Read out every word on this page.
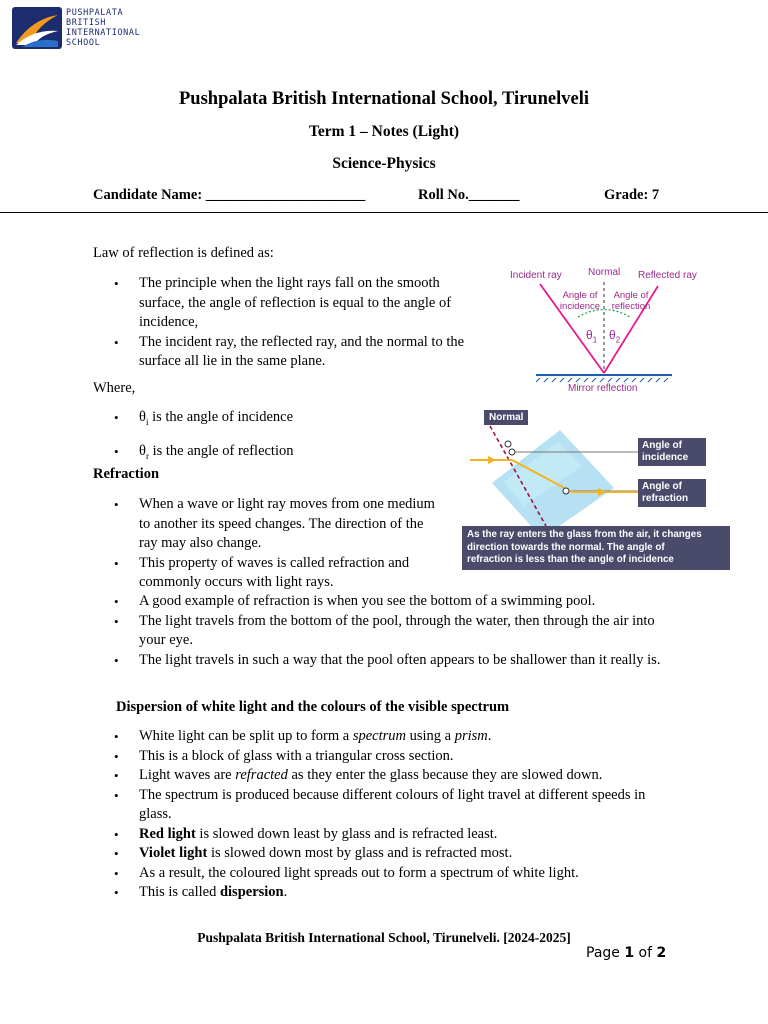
PUSHPALATA
BRITISH
INTERNATIONAL
SCHOOL
Pushpalata British International School, Tirunelveli
Term 1 – Notes (Light)
Science-Physics
Candidate Name: ______________________	Roll No._______	Grade: 7
Law of reflection is defined as:
• The principle when the light rays fall on the smooth surface, the angle of reflection is equal to the angle of incidence,
• The incident ray, the reflected ray, and the normal to the surface all lie in the same plane.
Where,
• $\theta_i$ is the angle of incidence
• $\theta_r$ is the angle of reflection
Incident ray	Normal Reflected ray
Angle of
incidence
Angle of
reflection
$\theta_1$ $\theta_2$
Mirror reflection
Normal
Angle of
incidence
Angle of
refraction
As the ray enters the glass from the air, it changes
direction towards the normal. The angle of
refraction is less than the angle of incidence
Refraction
• When a wave or light ray moves from one medium to another its speed changes. The direction of the ray may also change.
• This property of waves is called refraction and commonly occurs with light rays.
• A good example of refraction is when you see the bottom of a swimming pool.
• The light travels from the bottom of the pool, through the water, then through the air into your eye.
• The light travels in such a way that the pool often appears to be shallower than it really is.
Dispersion of white light and the colours of the visible spectrum
• White light can be split up to form a spectrum using a prism.
• This is a block of glass with a triangular cross section.
• Light waves are refracted as they enter the glass because they are slowed down.
• The spectrum is produced because different colours of light travel at different speeds in glass.
• Red light is slowed down least by glass and is refracted least.
• Violet light is slowed down most by glass and is refracted most.
• As a result, the coloured light spreads out to form a spectrum of white light.
• This is called dispersion.
Pushpalata British International School, Tirunelveli. [2024-2025]
Page 1 of 2
